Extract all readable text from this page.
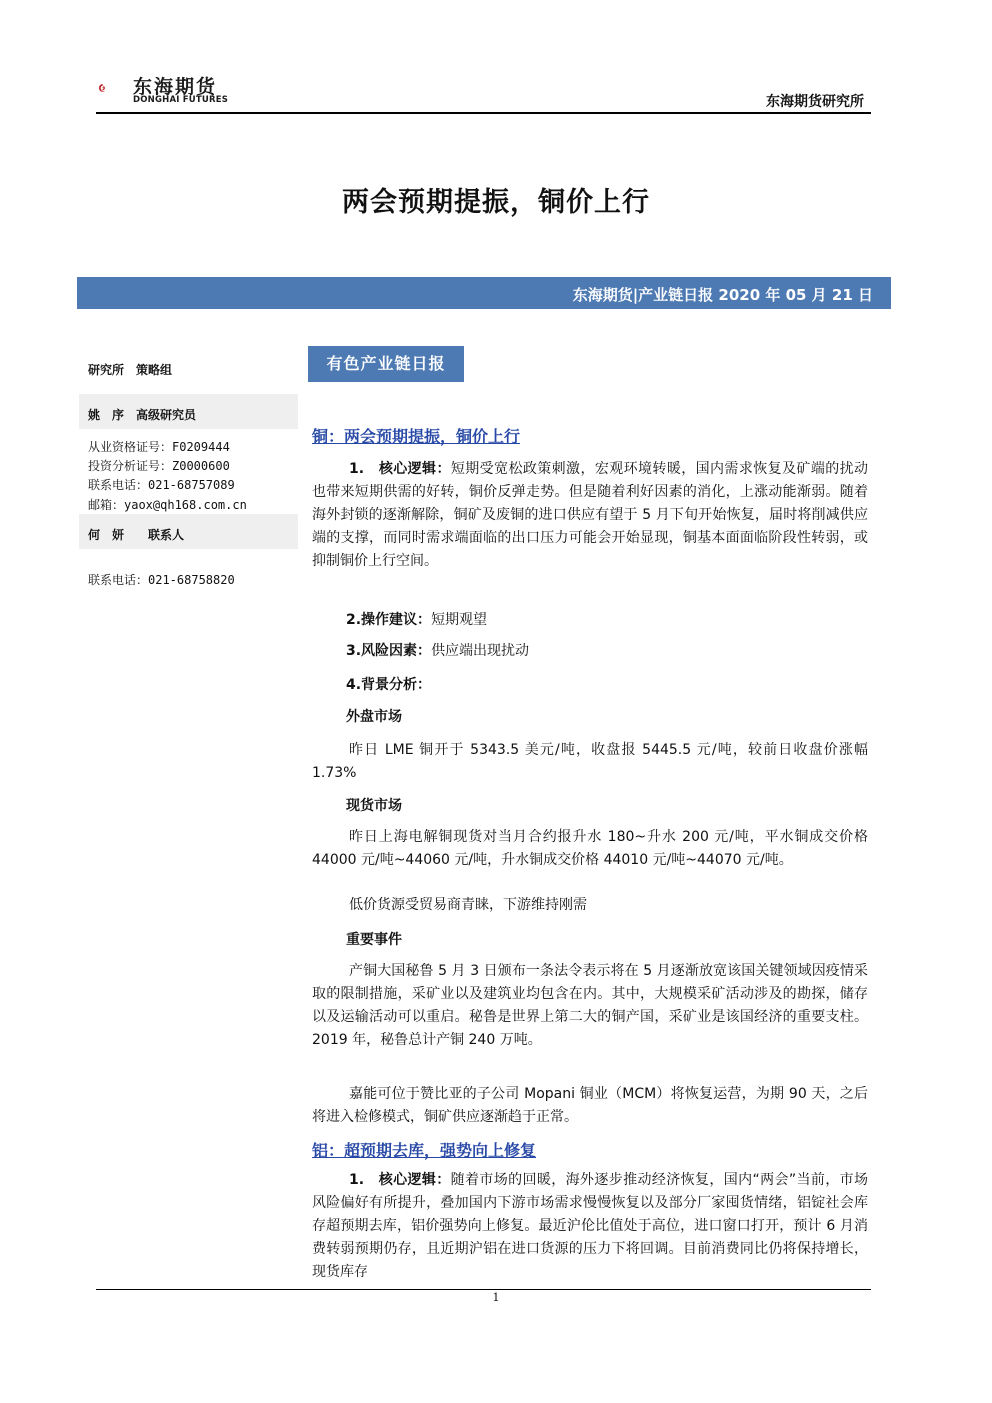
东海期货
DONGHAI FUTURES	东海期货研究所
两会预期提振，铜价上行
东海期货|产业链日报 2020 年 05 月 21 日
研究所　策略组
姚　序　高级研究员
从业资格证号：F0209444
投资分析证号：Z0000600
联系电话：021-68757089
邮箱：yaox@qh168.com.cn
何　妍　　联系人
联系电话：021-68758820
有色产业链日报
铜：两会预期提振，铜价上行
1.　核心逻辑：短期受宽松政策刺激，宏观环境转暖，国内需求恢复及矿端的扰动也带来短期供需的好转，铜价反弹走势。但是随着利好因素的消化，上涨动能渐弱。随着海外封锁的逐渐解除，铜矿及废铜的进口供应有望于 5 月下旬开始恢复，届时将削减供应端的支撑，而同时需求端面临的出口压力可能会开始显现，铜基本面面临阶段性转弱，或抑制铜价上行空间。
2.操作建议：短期观望
3.风险因素：供应端出现扰动
4.背景分析：
外盘市场
昨日 LME 铜开于 5343.5 美元/吨，收盘报 5445.5 元/吨，较前日收盘价涨幅 1.73%
现货市场
昨日上海电解铜现货对当月合约报升水 180~升水 200 元/吨，平水铜成交价格 44000 元/吨~44060 元/吨，升水铜成交价格 44010 元/吨~44070 元/吨。
低价货源受贸易商青睐，下游维持刚需
重要事件
产铜大国秘鲁 5 月 3 日颁布一条法令表示将在 5 月逐渐放宽该国关键领域因疫情采取的限制措施，采矿业以及建筑业均包含在内。其中，大规模采矿活动涉及的勘探，储存以及运输活动可以重启。秘鲁是世界上第二大的铜产国，采矿业是该国经济的重要支柱。2019 年，秘鲁总计产铜 240 万吨。
嘉能可位于赞比亚的子公司 Mopani 铜业（MCM）将恢复运营，为期 90 天，之后将进入检修模式，铜矿供应逐渐趋于正常。
铝：超预期去库，强势向上修复
1.　核心逻辑：随着市场的回暖，海外逐步推动经济恢复，国内“两会”当前，市场风险偏好有所提升，叠加国内下游市场需求慢慢恢复以及部分厂家囤货情绪，铝锭社会库存超预期去库，铝价强势向上修复。最近沪伦比值处于高位，进口窗口打开，预计 6 月消费转弱预期仍存，且近期沪铝在进口货源的压力下将回调。目前消费同比仍将保持增长，现货库存
1
